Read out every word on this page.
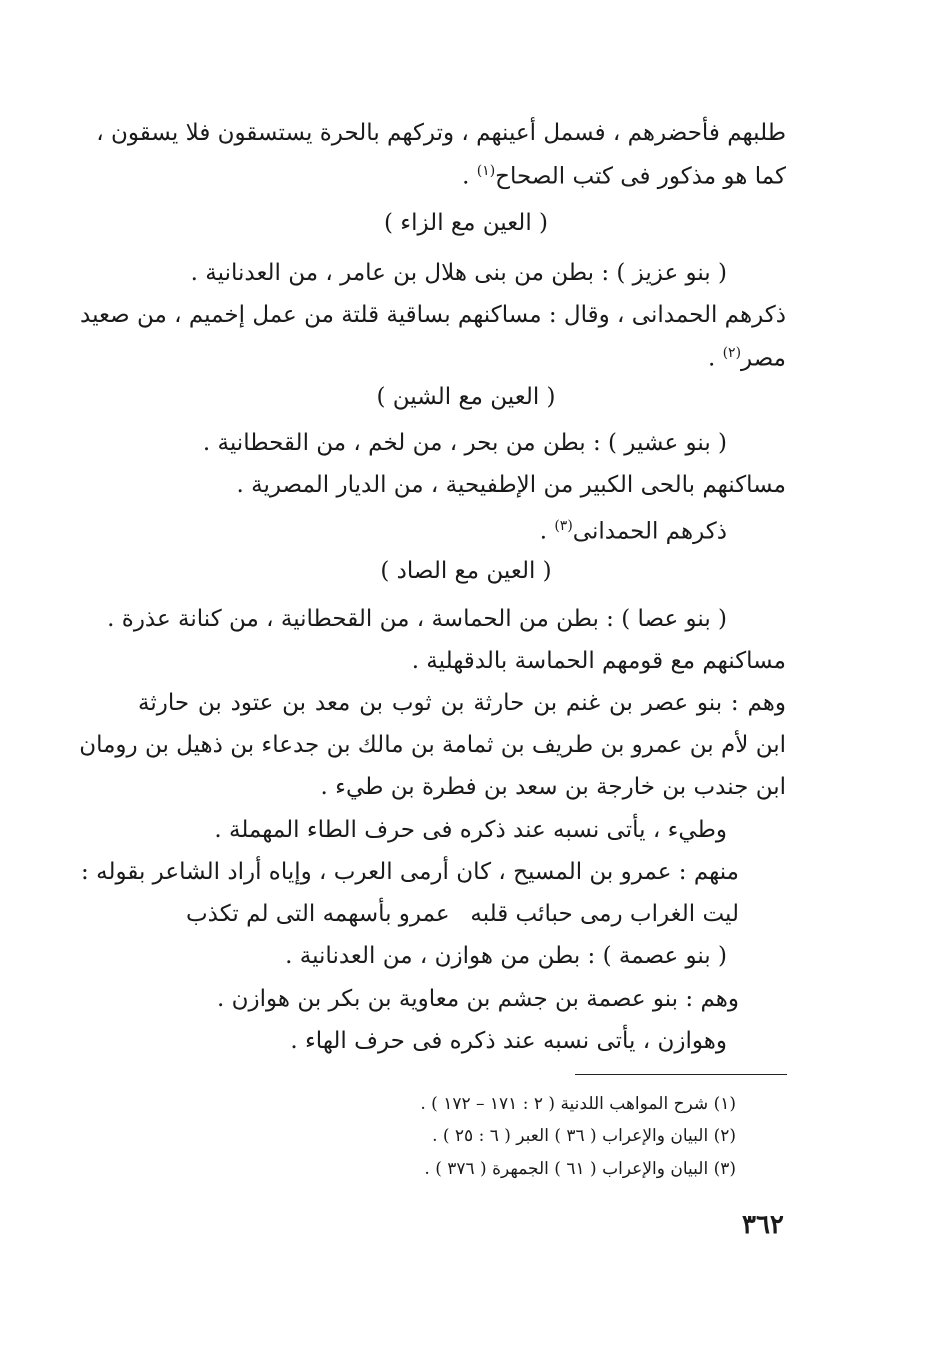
طلبهم فأحضرهم ، فسمل أعينهم ، وتركهم بالحرة يستسقون فلا يسقون ،
كما هو مذكور فى كتب الصحاح$^{(١)}$ .
( العين مع الزاء )
( بنو عزيز ) : بطن من بنى هلال بن عامر ، من العدنانية .
ذكرهم الحمدانى ، وقال : مساكنهم بساقية قلتة من عمل إخميم ، من صعيد
مصر$^{(٢)}$ .
( العين مع الشين )
( بنو عشير ) : بطن من بحر ، من لخم ، من القحطانية .
مساكنهم بالحى الكبير من الإطفيحية ، من الديار المصرية .
ذكرهم الحمدانى$^{(٣)}$ .
( العين مع الصاد )
( بنو عصا ) : بطن من الحماسة ، من القحطانية ، من كنانة عذرة .
مساكنهم مع قومهم الحماسة بالدقهلية .
وهم : بنو عصر بن غنم بن حارثة بن ثوب بن معد بن عتود بن حارثة
ابن لأم بن عمرو بن طريف بن ثمامة بن مالك بن جدعاء بن ذهيل بن رومان
ابن جندب بن خارجة بن سعد بن فطرة بن طيء .
وطيء ، يأتى نسبه عند ذكره فى حرف الطاء المهملة .
منهم : عمرو بن المسيح ، كان أرمى العرب ، وإياه أراد الشاعر بقوله :
ليت الغراب رمى حبائب قلبه
عمرو بأسهمه التى لم تكذب
( بنو عصمة ) : بطن من هوازن ، من العدنانية .
وهم : بنو عصمة بن جشم بن معاوية بن بكر بن هوازن .
وهوازن ، يأتى نسبه عند ذكره فى حرف الهاء .
(١) شرح المواهب اللدنية ( ٢ : ١٧١ – ١٧٢ ) .
(٢) البيان والإعراب ( ٣٦ ) العبر ( ٦ : ٢٥ ) .
(٣) البيان والإعراب ( ٦١ ) الجمهرة ( ٣٧٦ ) .
٣٦٢
